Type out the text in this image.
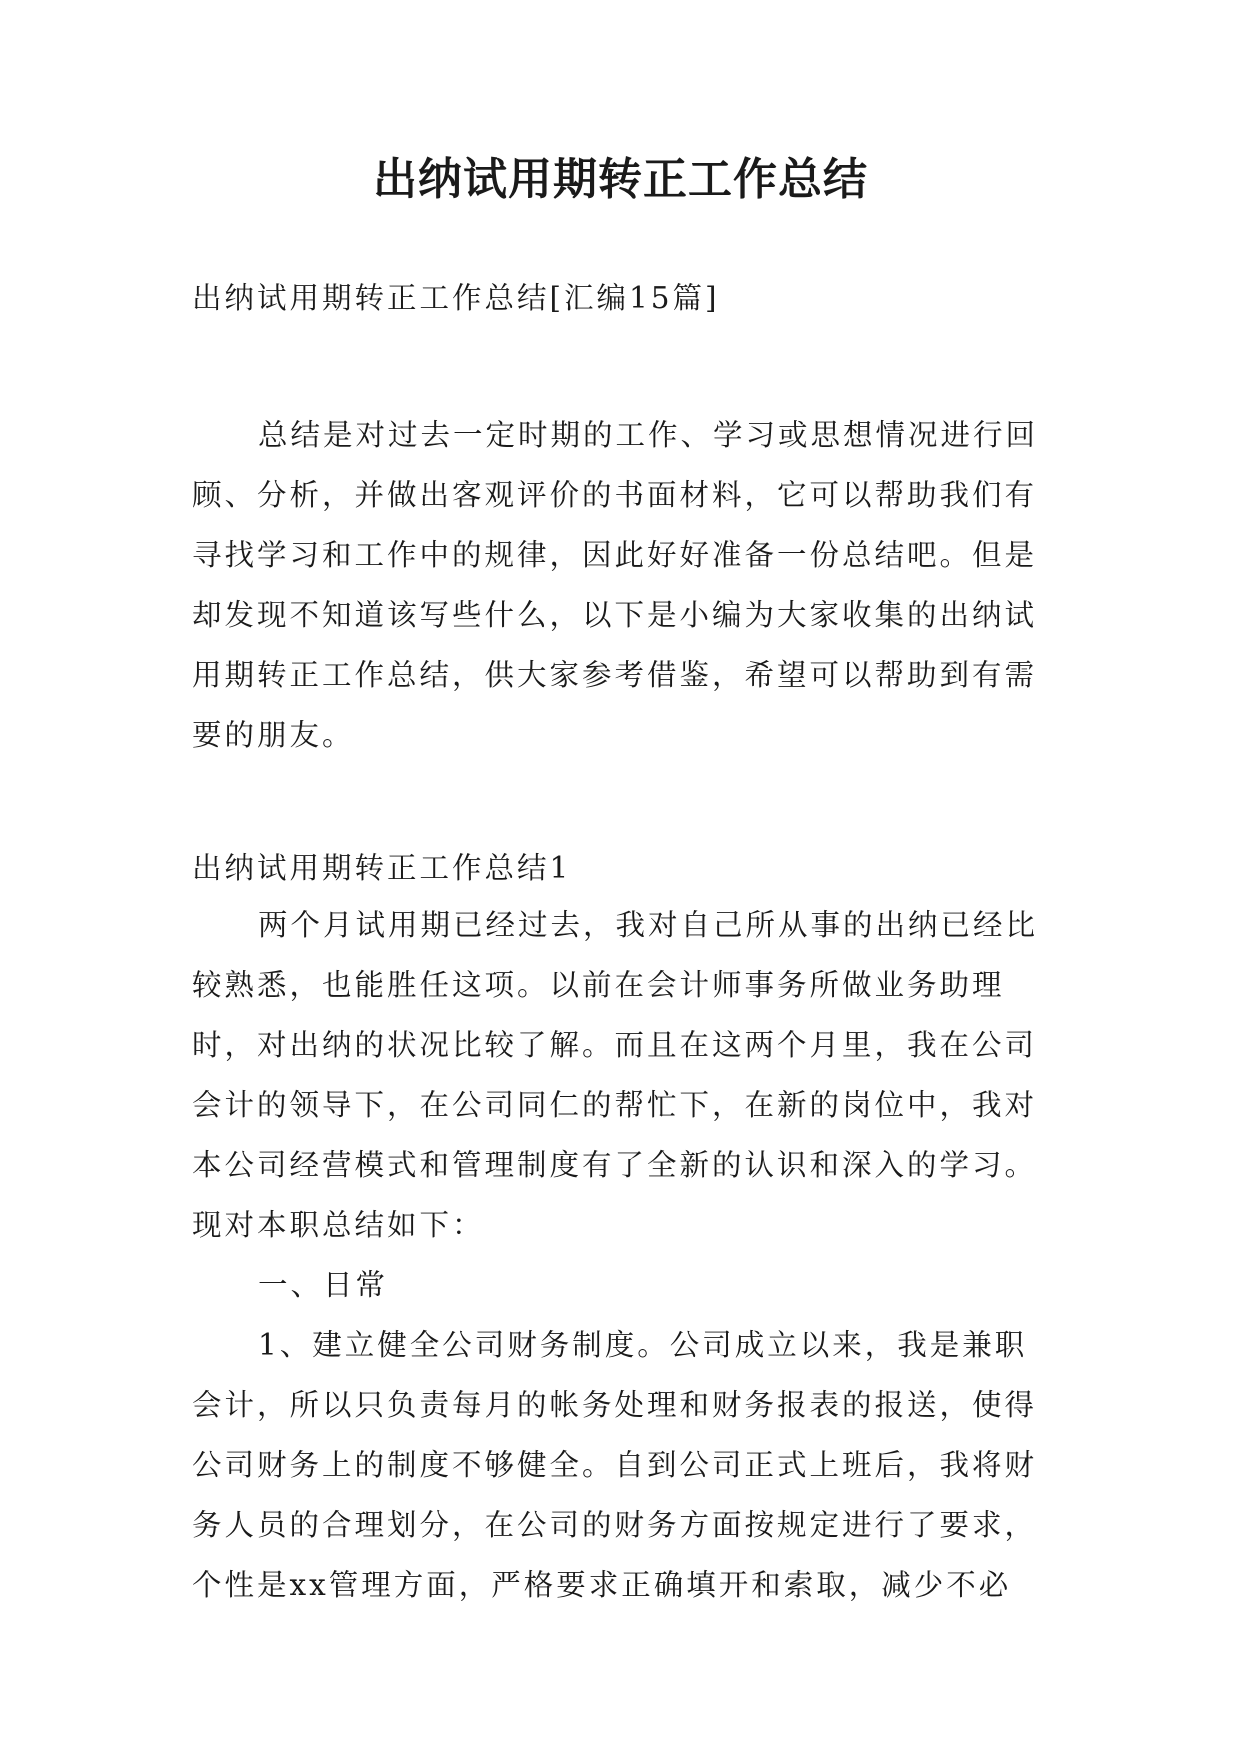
出纳试用期转正工作总结

出纳试用期转正工作总结[汇编15篇]

总结是对过去一定时期的工作、学习或思想情况进行回顾、分析，并做出客观评价的书面材料，它可以帮助我们有寻找学习和工作中的规律，因此好好准备一份总结吧。但是却发现不知道该写些什么，以下是小编为大家收集的出纳试用期转正工作总结，供大家参考借鉴，希望可以帮助到有需要的朋友。

出纳试用期转正工作总结1

两个月试用期已经过去，我对自己所从事的出纳已经比较熟悉，也能胜任这项。以前在会计师事务所做业务助理时，对出纳的状况比较了解。而且在这两个月里，我在公司会计的领导下，在公司同仁的帮忙下，在新的岗位中，我对本公司经营模式和管理制度有了全新的认识和深入的学习。现对本职总结如下：

一、日常

1、建立健全公司财务制度。公司成立以来，我是兼职会计，所以只负责每月的帐务处理和财务报表的报送，使得公司财务上的制度不够健全。自到公司正式上班后，我将财务人员的合理划分，在公司的财务方面按规定进行了要求，个性是xx管理方面，严格要求正确填开和索取，减少不必
